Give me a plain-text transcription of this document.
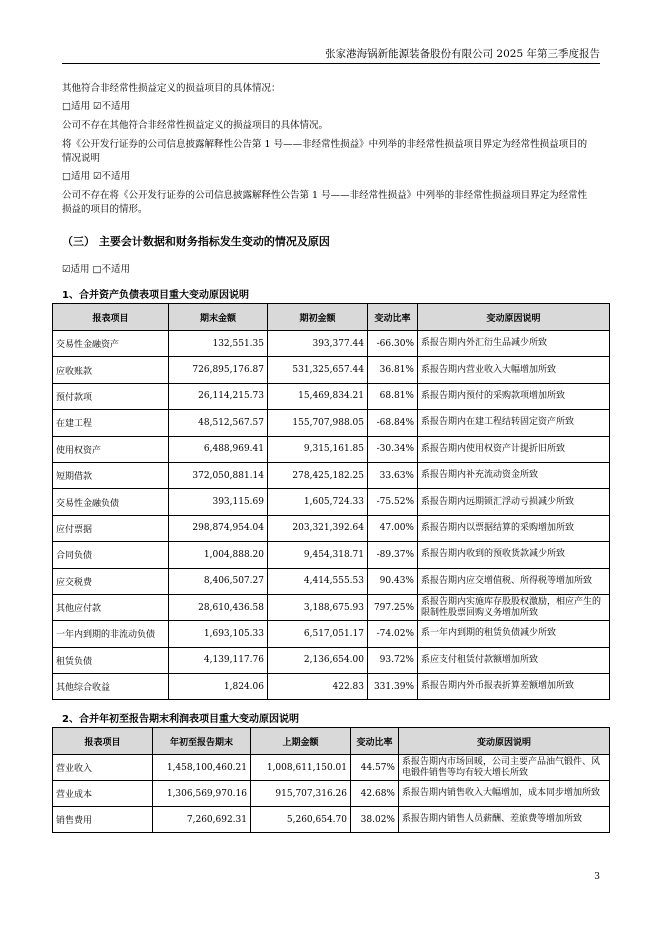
张家港海锅新能源装备股份有限公司 2025 年第三季度报告
其他符合非经常性损益定义的损益项目的具体情况：
□适用 ☑不适用
公司不存在其他符合非经常性损益定义的损益项目的具体情况。
将《公开发行证券的公司信息披露解释性公告第 1 号——非经常性损益》中列举的非经常性损益项目界定为经常性损益项目的情况说明
□适用 ☑不适用
公司不存在将《公开发行证券的公司信息披露解释性公告第 1 号——非经常性损益》中列举的非经常性损益项目界定为经常性损益的项目的情形。
（三） 主要会计数据和财务指标发生变动的情况及原因
☑适用 □不适用
1、合并资产负债表项目重大变动原因说明
报表项目	期末金额	期初金额	变动比率	变动原因说明
交易性金融资产	132,551.35	393,377.44	-66.30%	系报告期内外汇衍生品减少所致
应收账款	726,895,176.87	531,325,657.44	36.81%	系报告期内营业收入大幅增加所致
预付款项	26,114,215.73	15,469,834.21	68.81%	系报告期内预付的采购款项增加所致
在建工程	48,512,567.57	155,707,988.05	-68.84%	系报告期内在建工程结转固定资产所致
使用权资产	6,488,969.41	9,315,161.85	-30.34%	系报告期内使用权资产计提折旧所致
短期借款	372,050,881.14	278,425,182.25	33.63%	系报告期内补充流动资金所致
交易性金融负债	393,115.69	1,605,724.33	-75.52%	系报告期内远期锁汇浮动亏损减少所致
应付票据	298,874,954.04	203,321,392.64	47.00%	系报告期内以票据结算的采购增加所致
合同负债	1,004,888.20	9,454,318.71	-89.37%	系报告期内收到的预收货款减少所致
应交税费	8,406,507.27	4,414,555.53	90.43%	系报告期内应交增值税、所得税等增加所致
其他应付款	28,610,436.58	3,188,675.93	797.25%	系报告期内实施库存股股权激励，相应产生的限制性股票回购义务增加所致
一年内到期的非流动负债	1,693,105.33	6,517,051.17	-74.02%	系一年内到期的租赁负债减少所致
租赁负债	4,139,117.76	2,136,654.00	93.72%	系应支付租赁付款额增加所致
其他综合收益	1,824.06	422.83	331.39%	系报告期内外币报表折算差额增加所致
2、合并年初至报告期末利润表项目重大变动原因说明
报表项目	年初至报告期末	上期金额	变动比率	变动原因说明
营业收入	1,458,100,460.21	1,008,611,150.01	44.57%	系报告期内市场回暖，公司主要产品油气锻件、风电锻件销售等均有较大增长所致
营业成本	1,306,569,970.16	915,707,316.26	42.68%	系报告期内销售收入大幅增加，成本同步增加所致
销售费用	7,260,692.31	5,260,654.70	38.02%	系报告期内销售人员薪酬、差旅费等增加所致
3
